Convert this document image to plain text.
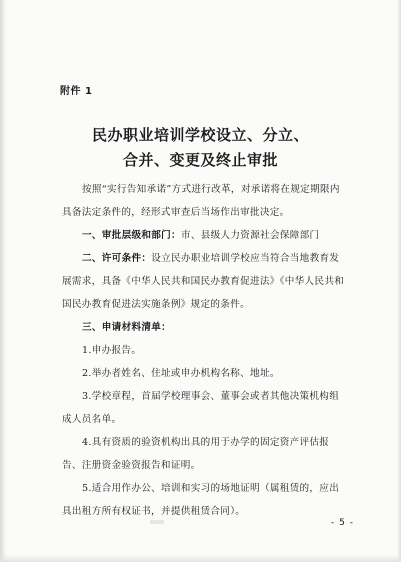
附件 1
民办职业培训学校设立、分立、
合并、变更及终止审批
按照“实行告知承诺”方式进行改革，对承诺将在规定期限内
具备法定条件的，经形式审查后当场作出审批决定。
一、审批层级和部门：市、县级人力资源社会保障部门
二、许可条件：设立民办职业培训学校应当符合当地教育发
展需求，具备《中华人民共和国民办教育促进法》《中华人民共和
国民办教育促进法实施条例》规定的条件。
三、申请材料清单：
1.申办报告。
2.举办者姓名、住址或申办机构名称、地址。
3.学校章程，首届学校理事会、董事会或者其他决策机构组
成人员名单。
4.具有资质的验资机构出具的用于办学的固定资产评估报
告、注册资金验资报告和证明。
5.适合用作办公、培训和实习的场地证明（属租赁的，应出
具出租方所有权证书，并提供租赁合同）。
- 5 -
